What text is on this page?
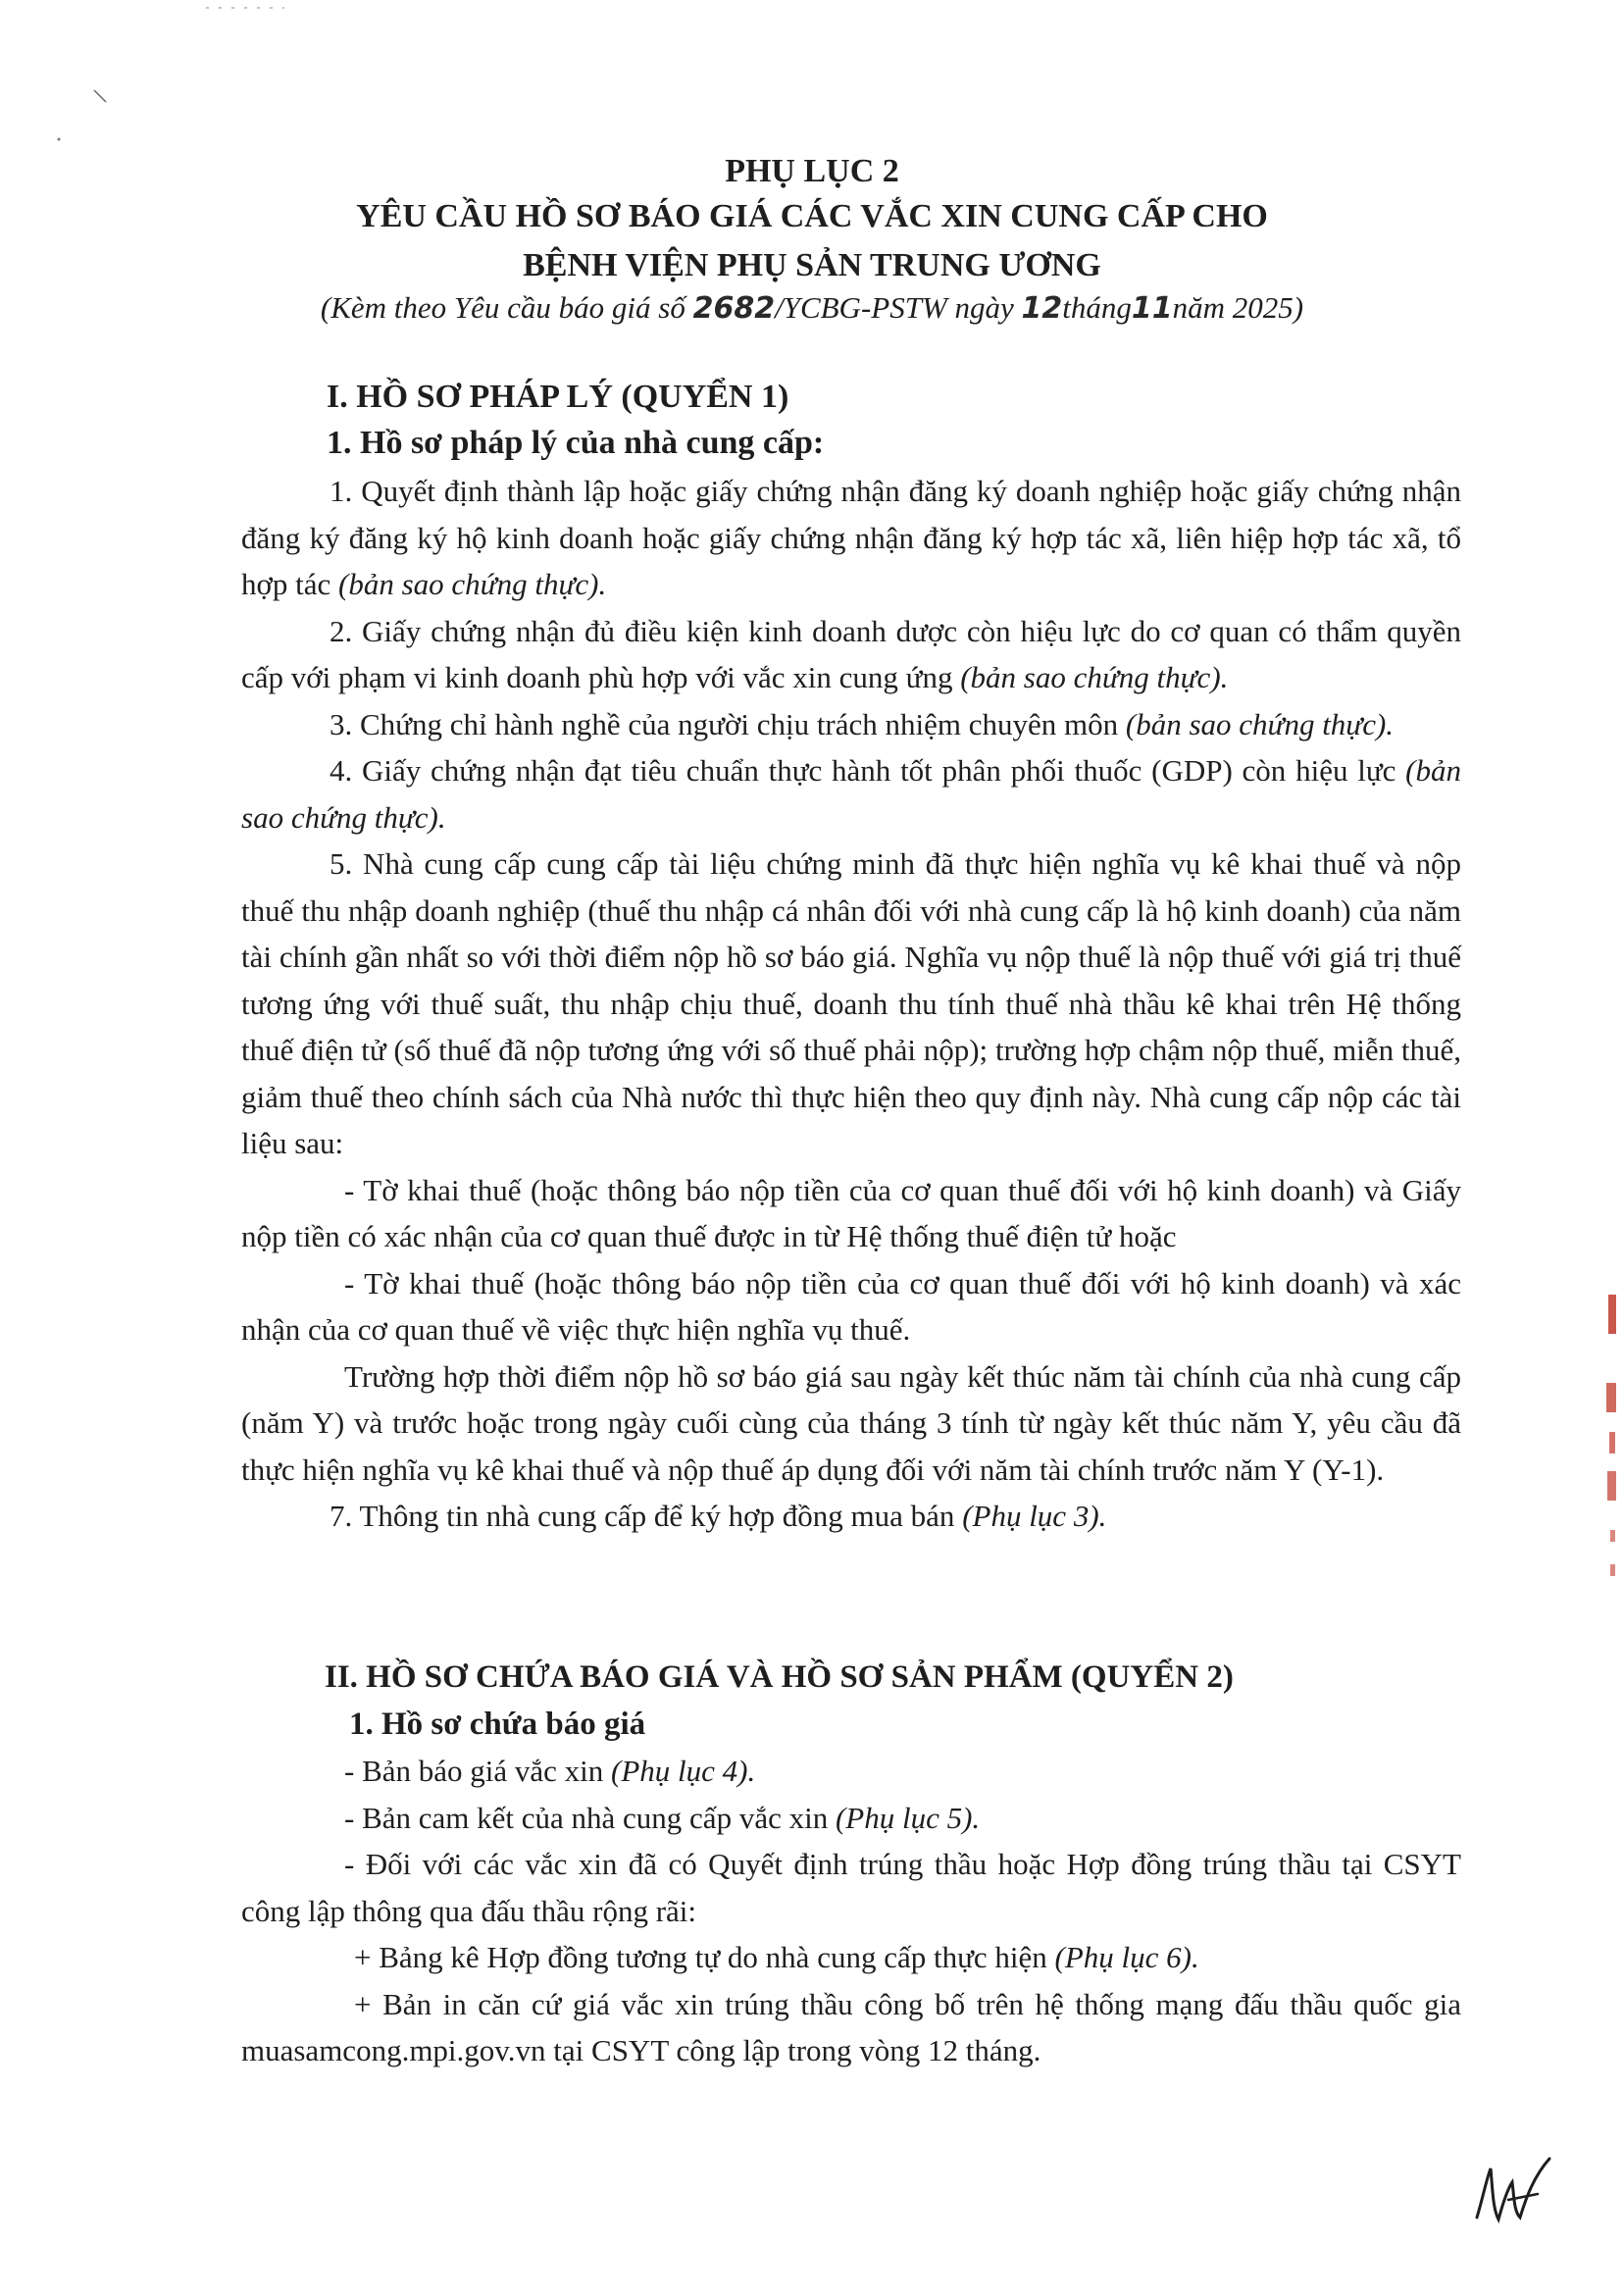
PHỤ LỤC 2
YÊU CẦU HỒ SƠ BÁO GIÁ CÁC VẮC XIN CUNG CẤP CHO
BỆNH VIỆN PHỤ SẢN TRUNG ƯƠNG
(Kèm theo Yêu cầu báo giá số 2682/YCBG-PSTW ngày 12tháng11năm 2025)
I. HỒ SƠ PHÁP LÝ (QUYỂN 1)
1. Hồ sơ pháp lý của nhà cung cấp:

1. Quyết định thành lập hoặc giấy chứng nhận đăng ký doanh nghiệp hoặc giấy chứng nhận đăng ký đăng ký hộ kinh doanh hoặc giấy chứng nhận đăng ký hợp tác xã, liên hiệp hợp tác xã, tổ hợp tác (bản sao chứng thực).

2. Giấy chứng nhận đủ điều kiện kinh doanh dược còn hiệu lực do cơ quan có thẩm quyền cấp với phạm vi kinh doanh phù hợp với vắc xin cung ứng (bản sao chứng thực).

3. Chứng chỉ hành nghề của người chịu trách nhiệm chuyên môn (bản sao chứng thực).

4. Giấy chứng nhận đạt tiêu chuẩn thực hành tốt phân phối thuốc (GDP) còn hiệu lực (bản sao chứng thực).

5. Nhà cung cấp cung cấp tài liệu chứng minh đã thực hiện nghĩa vụ kê khai thuế và nộp thuế thu nhập doanh nghiệp (thuế thu nhập cá nhân đối với nhà cung cấp là hộ kinh doanh) của năm tài chính gần nhất so với thời điểm nộp hồ sơ báo giá. Nghĩa vụ nộp thuế là nộp thuế với giá trị thuế tương ứng với thuế suất, thu nhập chịu thuế, doanh thu tính thuế nhà thầu kê khai trên Hệ thống thuế điện tử (số thuế đã nộp tương ứng với số thuế phải nộp); trường hợp chậm nộp thuế, miễn thuế, giảm thuế theo chính sách của Nhà nước thì thực hiện theo quy định này. Nhà cung cấp nộp các tài liệu sau:

- Tờ khai thuế (hoặc thông báo nộp tiền của cơ quan thuế đối với hộ kinh doanh) và Giấy nộp tiền có xác nhận của cơ quan thuế được in từ Hệ thống thuế điện tử hoặc

- Tờ khai thuế (hoặc thông báo nộp tiền của cơ quan thuế đối với hộ kinh doanh) và xác nhận của cơ quan thuế về việc thực hiện nghĩa vụ thuế.

Trường hợp thời điểm nộp hồ sơ báo giá sau ngày kết thúc năm tài chính của nhà cung cấp (năm Y) và trước hoặc trong ngày cuối cùng của tháng 3 tính từ ngày kết thúc năm Y, yêu cầu đã thực hiện nghĩa vụ kê khai thuế và nộp thuế áp dụng đối với năm tài chính trước năm Y (Y-1).

7. Thông tin nhà cung cấp để ký hợp đồng mua bán (Phụ lục 3).

II. HỒ SƠ CHỨA BÁO GIÁ VÀ HỒ SƠ SẢN PHẨM (QUYỂN 2)

1. Hồ sơ chứa báo giá

- Bản báo giá vắc xin (Phụ lục 4).

- Bản cam kết của nhà cung cấp vắc xin (Phụ lục 5).

- Đối với các vắc xin đã có Quyết định trúng thầu hoặc Hợp đồng trúng thầu tại CSYT công lập thông qua đấu thầu rộng rãi:

+ Bảng kê Hợp đồng tương tự do nhà cung cấp thực hiện (Phụ lục 6).

+ Bản in căn cứ giá vắc xin trúng thầu công bố trên hệ thống mạng đấu thầu quốc gia muasamcong.mpi.gov.vn tại CSYT công lập trong vòng 12 tháng.
